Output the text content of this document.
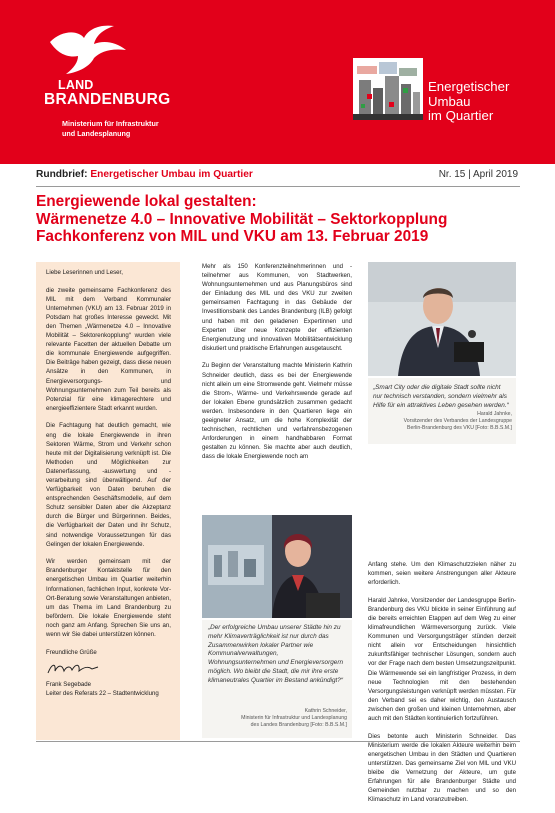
LAND
BRANDENBURG
Ministerium für Infrastruktur
und Landesplanung
Energetischer
Umbau
im Quartier
Rundbrief: Energetischer Umbau im Quartier	Nr. 15 | April 2019
Energiewende lokal gestalten:
Wärmenetze 4.0 – Innovative Mobilität – Sektorkopplung
Fachkonferenz von MIL und VKU am 13. Februar 2019

Liebe Leserinnen und Leser,

die zweite gemeinsame Fachkonferenz des MIL mit dem Verband Kommunaler Unternehmen (VKU) am 13. Februar 2019 in Potsdam hat großes Interesse geweckt. Mit den Themen „Wärmenetze 4.0 – Innovative Mobilität – Sektorenkopplung“ wurden viele relevante Facetten der aktuellen Debatte um die kommunale Energiewende aufgegriffen. Die Beiträge haben gezeigt, dass diese neuen Ansätze in den Kommunen, in Energieversorgungs- und Wohnungsunternehmen zum Teil bereits als Potenzial für eine klimagerechtere und energieeffizientere Stadt erkannt wurden.

Die Fachtagung hat deutlich gemacht, wie eng die lokale Energiewende in ihren Sektoren Wärme, Strom und Verkehr schon heute mit der Digitalisierung verknüpft ist. Die Methoden und Möglichkeiten zur Datenerfassung, -auswertung und -verarbeitung sind überwältigend. Auf der Verfügbarkeit von Daten beruhen die entsprechenden Geschäftsmodelle, auf dem Schutz sensibler Daten aber die Akzeptanz durch die Bürger und Bürgerinnen. Beides, die Verfügbarkeit der Daten und ihr Schutz, sind notwendige Voraussetzungen für das Gelingen der lokalen Energiewende.

Wir werden gemeinsam mit der Brandenburger Kontaktstelle für den energetischen Umbau im Quartier weiterhin Informationen, fachlichen Input, konkrete Vor-Ort-Beratung sowie Veranstaltungen anbieten, um das Thema im Land Brandenburg zu befördern. Die lokale Energiewende steht noch ganz am Anfang. Sprechen Sie uns an, wenn wir Sie dabei unterstützen können.

Freundliche Grüße
Frank Segebade
Leiter des Referats 22 – Stadtentwicklung

Mehr als 150 Konferenzteilnehmerinnen und -teilnehmer aus Kommunen, von Stadtwerken, Wohnungsunternehmen und aus Planungsbüros sind der Einladung des MIL und des VKU zur zweiten gemeinsamen Fachtagung in das Gebäude der Investitionsbank des Landes Brandenburg (ILB) gefolgt und haben mit den geladenen Expertinnen und Experten über neue Konzepte der effizienten Energienutzung und innovativen Mobilitätsentwicklung diskutiert und praktische Erfahrungen ausgetauscht.

Zu Beginn der Veranstaltung machte Ministerin Kathrin Schneider deutlich, dass es bei der Energiewende nicht allein um eine Stromwende geht. Vielmehr müsse die Strom-, Wärme- und Verkehrswende gerade auf der lokalen Ebene grundsätzlich zusammen gedacht werden. Insbesondere in den Quartieren liege ein geeigneter Ansatz, um die hohe Komplexität der technischen, rechtlichen und verfahrensbezogenen Anforderungen in einem handhabbaren Format gestalten zu können. Sie machte aber auch deutlich, dass die lokale Energiewende noch am

„Smart City oder die digitale Stadt sollte nicht nur technisch verstanden, sondern vielmehr als Hilfe für ein attraktives Leben gesehen werden.“
Harald Jahnke,
Vorsitzender des Verbandes der Landesgruppe
Berlin-Brandenburg des VKU [Foto: B.B.S.M.]
„Der erfolgreiche Umbau unserer Städte hin zu mehr Klimaverträglichkeit ist nur durch das Zusammenwirken lokaler Partner wie Kommunalverwaltungen, Wohnungsunternehmen und Energieversorgern möglich. Wo bleibt die Stadt, die mir ihre erste klimaneutrales Quartier im Bestand ankündigt?“
Kathrin Schneider,
Ministerin für Infrastruktur und Landesplanung
des Landes Brandenburg [Foto: B.B.S.M.]

Anfang stehe. Um den Klimaschutzzielen näher zu kommen, seien weitere Anstrengungen aller Akteure erforderlich.

Harald Jahnke, Vorsitzender der Landesgruppe Berlin-Brandenburg des VKU blickte in seiner Einführung auf die bereits erreichten Etappen auf dem Weg zu einer klimafreundlichen Wärmeversorgung zurück. Viele Kommunen und Versorgungsträger stünden derzeit nicht allein vor Entscheidungen hinsichtlich zukunftsfähiger technischer Lösungen, sondern auch vor der Frage nach dem besten Umsetzungszeitpunkt. Die Wärmewende sei ein langfristiger Prozess, in dem neue Technologien mit den bestehenden Versorgungsleistungen verknüpft werden müssten. Für den Verband sei es daher wichtig, den Austausch zwischen den großen und kleinen Unternehmen, aber auch mit den Städten kontinuierlich fortzuführen.

Dies betonte auch Ministerin Schneider. Das Ministerium werde die lokalen Akteure weiterhin beim energetischen Umbau in den Städten und Quartieren unterstützen. Das gemeinsame Ziel von MIL und VKU bleibe die Vernetzung der Akteure, um gute Erfahrungen für alle Brandenburger Städte und Gemeinden nutzbar zu machen und so den Klimaschutz im Land voranzutreiben.
